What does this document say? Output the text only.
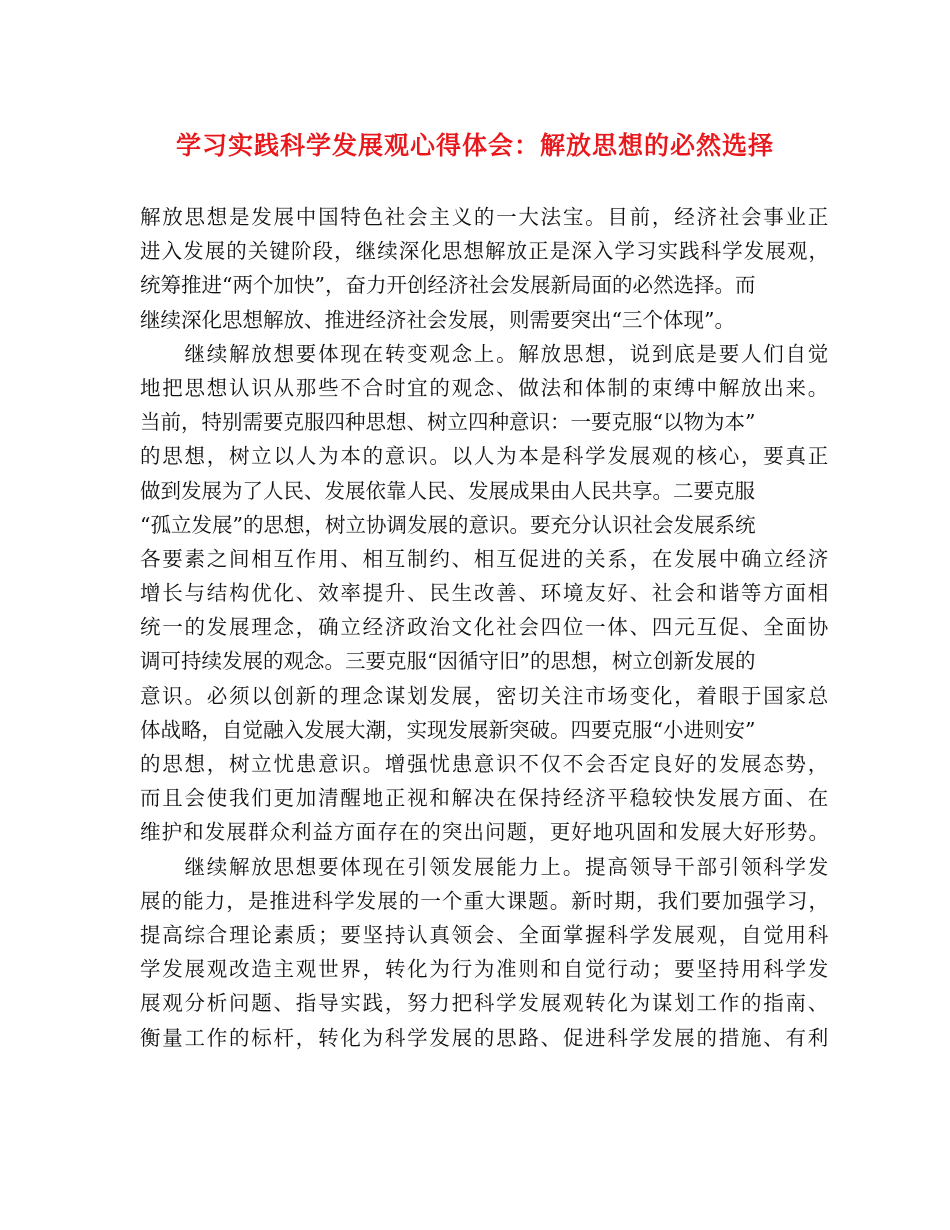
学习实践科学发展观心得体会：解放思想的必然选择
解放思想是发展中国特色社会主义的一大法宝。目前，经济社会事业正
进入发展的关键阶段，继续深化思想解放正是深入学习实践科学发展观，
统筹推进“两个加快”，奋力开创经济社会发展新局面的必然选择。而
继续深化思想解放、推进经济社会发展，则需要突出“三个体现”。
　　继续解放想要体现在转变观念上。解放思想，说到底是要人们自觉
地把思想认识从那些不合时宜的观念、做法和体制的束缚中解放出来。
当前，特别需要克服四种思想、树立四种意识：一要克服“以物为本”
的思想，树立以人为本的意识。以人为本是科学发展观的核心，要真正
做到发展为了人民、发展依靠人民、发展成果由人民共享。二要克服
“孤立发展”的思想，树立协调发展的意识。要充分认识社会发展系统
各要素之间相互作用、相互制约、相互促进的关系，在发展中确立经济
增长与结构优化、效率提升、民生改善、环境友好、社会和谐等方面相
统一的发展理念，确立经济政治文化社会四位一体、四元互促、全面协
调可持续发展的观念。三要克服“因循守旧”的思想，树立创新发展的
意识。必须以创新的理念谋划发展，密切关注市场变化，着眼于国家总
体战略，自觉融入发展大潮，实现发展新突破。四要克服“小进则安”
的思想，树立忧患意识。增强忧患意识不仅不会否定良好的发展态势，
而且会使我们更加清醒地正视和解决在保持经济平稳较快发展方面、在
维护和发展群众利益方面存在的突出问题，更好地巩固和发展大好形势。
　　继续解放思想要体现在引领发展能力上。提高领导干部引领科学发
展的能力，是推进科学发展的一个重大课题。新时期，我们要加强学习，
提高综合理论素质；要坚持认真领会、全面掌握科学发展观，自觉用科
学发展观改造主观世界，转化为行为准则和自觉行动；要坚持用科学发
展观分析问题、指导实践，努力把科学发展观转化为谋划工作的指南、
衡量工作的标杆，转化为科学发展的思路、促进科学发展的措施、有利
